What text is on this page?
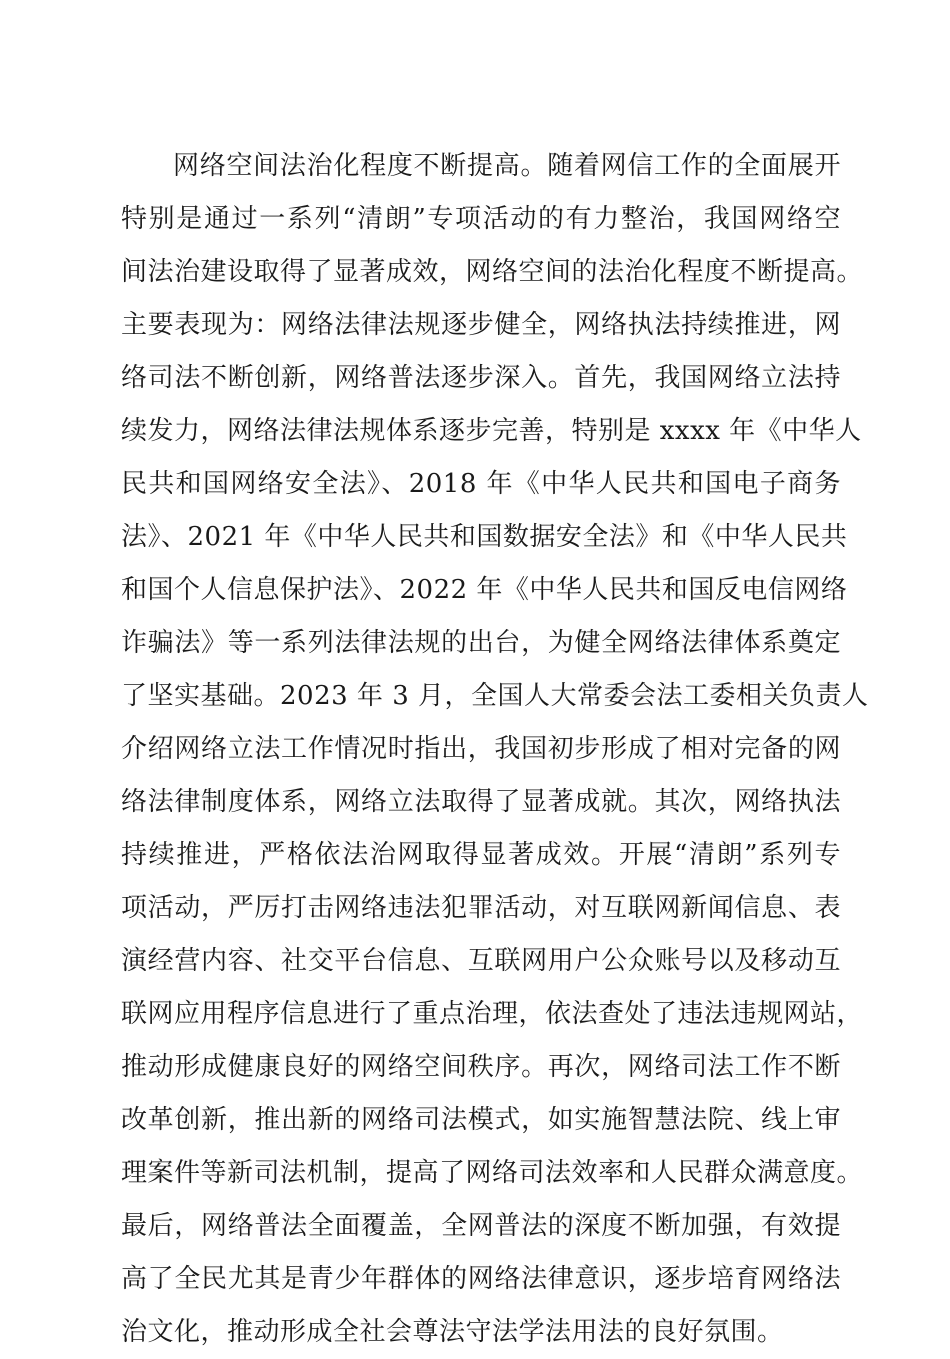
网络空间法治化程度不断提高。随着网信工作的全面展开
特别是通过一系列“清朗”专项活动的有力整治，我国网络空
间法治建设取得了显著成效，网络空间的法治化程度不断提高。
主要表现为：网络法律法规逐步健全，网络执法持续推进，网
络司法不断创新，网络普法逐步深入。首先，我国网络立法持
续发力，网络法律法规体系逐步完善，特别是 xxxx 年《中华人
民共和国网络安全法》、2018 年《中华人民共和国电子商务
法》、2021 年《中华人民共和国数据安全法》和《中华人民共
和国个人信息保护法》、2022 年《中华人民共和国反电信网络
诈骗法》等一系列法律法规的出台，为健全网络法律体系奠定
了坚实基础。2023 年 3 月，全国人大常委会法工委相关负责人
介绍网络立法工作情况时指出，我国初步形成了相对完备的网
络法律制度体系，网络立法取得了显著成就。其次，网络执法
持续推进，严格依法治网取得显著成效。开展“清朗”系列专
项活动，严厉打击网络违法犯罪活动，对互联网新闻信息、表
演经营内容、社交平台信息、互联网用户公众账号以及移动互
联网应用程序信息进行了重点治理，依法查处了违法违规网站，
推动形成健康良好的网络空间秩序。再次，网络司法工作不断
改革创新，推出新的网络司法模式，如实施智慧法院、线上审
理案件等新司法机制，提高了网络司法效率和人民群众满意度。
最后，网络普法全面覆盖，全网普法的深度不断加强，有效提
高了全民尤其是青少年群体的网络法律意识，逐步培育网络法
治文化，推动形成全社会尊法守法学法用法的良好氛围。
